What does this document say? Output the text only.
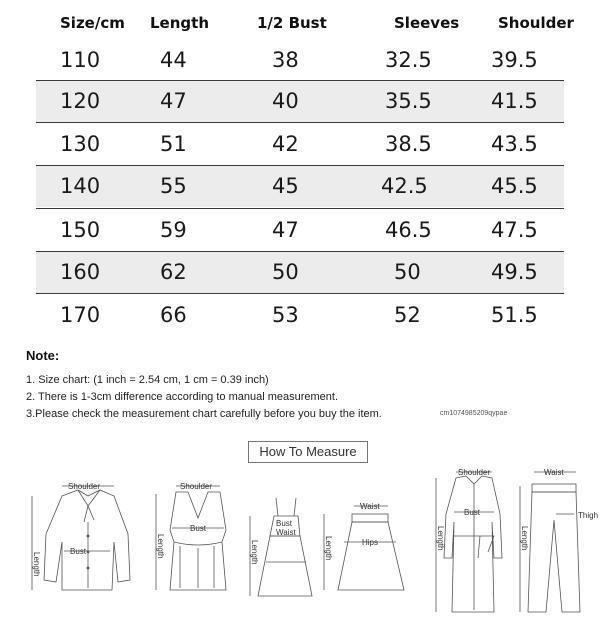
Size/cm Length	1/2 Bust	Sleeves	Shoulder
110	44	38	32.5	39.5
120	47	40	35.5	41.5
130	51	42	38.5	43.5
140	55	45	42.5	45.5
150	59	47	46.5	47.5
160	62	50	50	49.5
170	66	53	52	51.5
Note:
1. Size chart: (1 inch = 2.54 cm, 1 cm = 0.39 inch)
2. There is 1-3cm difference according to manual measurement.
3.Please check the measurement chart carefully before you buy the item.	cm1074985209qypae
How To Measure
Shoulder
Bust
Length
Shoulder
Bust
Length
Bust
Waist
Length
Waist
Hips
Length
Shoulder
Bust
Length
Waist
Thigh
Length
